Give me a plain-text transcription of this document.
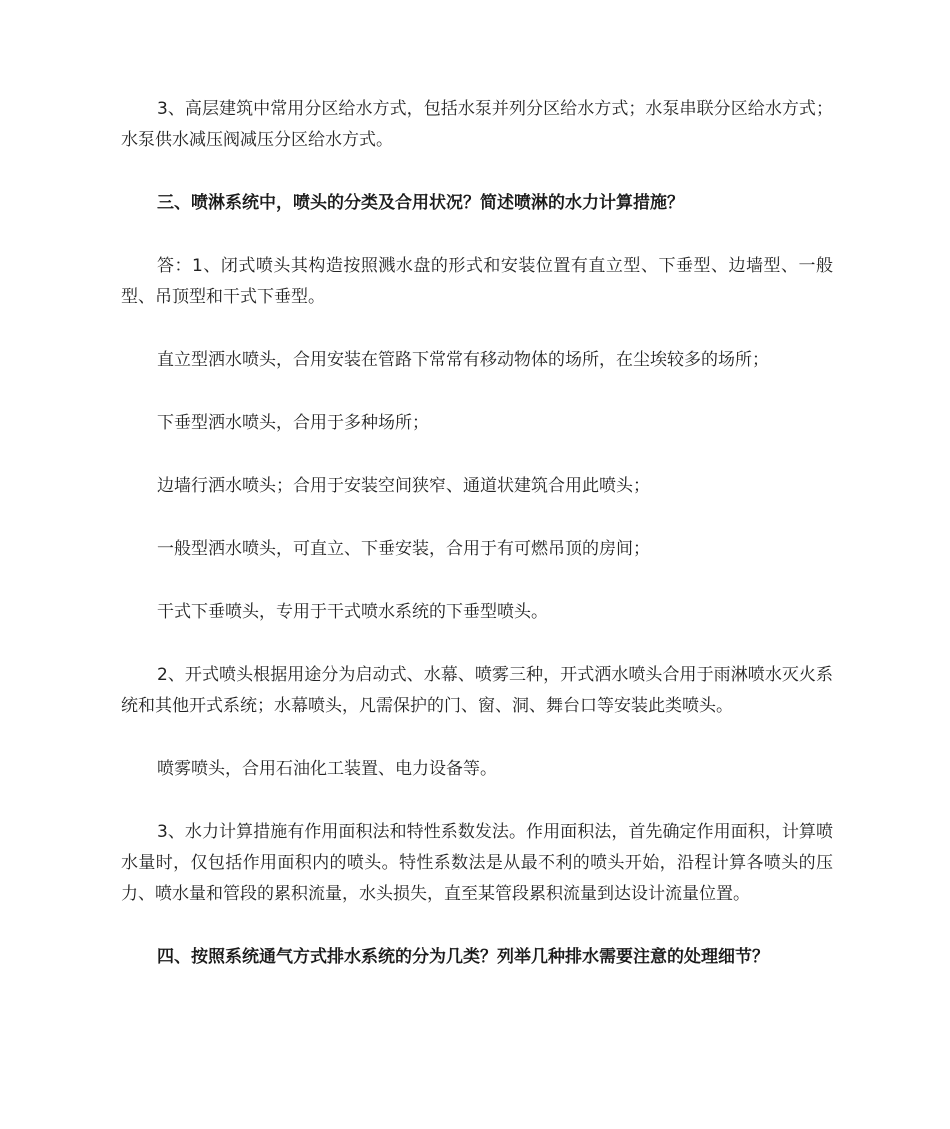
3、高层建筑中常用分区给水方式，包括水泵并列分区给水方式；水泵串联分区给水方式；水泵供水减压阀减压分区给水方式。

三、喷淋系统中，喷头的分类及合用状况？简述喷淋的水力计算措施？

答：1、闭式喷头其构造按照溅水盘的形式和安装位置有直立型、下垂型、边墙型、一般型、吊顶型和干式下垂型。

直立型洒水喷头，合用安装在管路下常常有移动物体的场所，在尘埃较多的场所；

下垂型洒水喷头，合用于多种场所；

边墙行洒水喷头；合用于安装空间狭窄、通道状建筑合用此喷头；

一般型洒水喷头，可直立、下垂安装，合用于有可燃吊顶的房间；

干式下垂喷头，专用于干式喷水系统的下垂型喷头。

2、开式喷头根据用途分为启动式、水幕、喷雾三种，开式洒水喷头合用于雨淋喷水灭火系统和其他开式系统；水幕喷头，凡需保护的门、窗、洞、舞台口等安装此类喷头。

喷雾喷头，合用石油化工装置、电力设备等。

3、水力计算措施有作用面积法和特性系数发法。作用面积法，首先确定作用面积，计算喷水量时，仅包括作用面积内的喷头。特性系数法是从最不利的喷头开始，沿程计算各喷头的压力、喷水量和管段的累积流量，水头损失，直至某管段累积流量到达设计流量位置。

四、按照系统通气方式排水系统的分为几类？列举几种排水需要注意的处理细节？
